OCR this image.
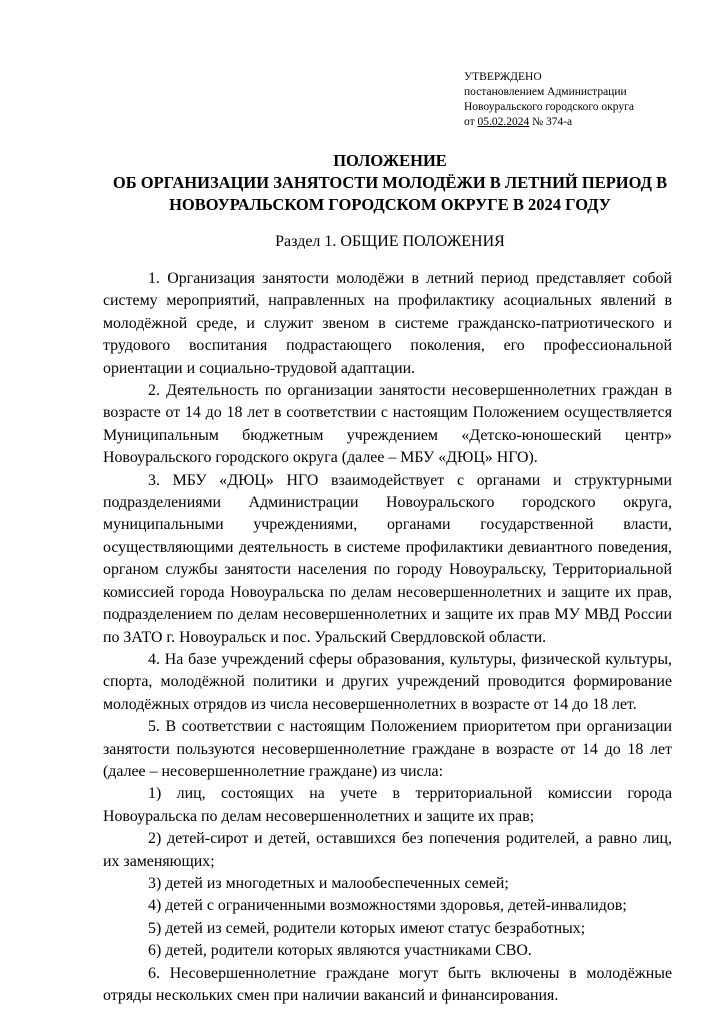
УТВЕРЖДЕНО
постановлением Администрации
Новоуральского городского округа
от 05.02.2024 № 374-а
ПОЛОЖЕНИЕ
ОБ ОРГАНИЗАЦИИ ЗАНЯТОСТИ МОЛОДЁЖИ В ЛЕТНИЙ ПЕРИОД В
НОВОУРАЛЬСКОМ ГОРОДСКОМ ОКРУГЕ В 2024 ГОДУ
Раздел 1. ОБЩИЕ ПОЛОЖЕНИЯ

1. Организация занятости молодёжи в летний период представляет собой систему мероприятий, направленных на профилактику асоциальных явлений в молодёжной среде, и служит звеном в системе гражданско-патриотического и трудового воспитания подрастающего поколения, его профессиональной ориентации и социально-трудовой адаптации.

2. Деятельность по организации занятости несовершеннолетних граждан в возрасте от 14 до 18 лет в соответствии с настоящим Положением осуществляется Муниципальным бюджетным учреждением «Детско-юношеский центр» Новоуральского городского округа (далее – МБУ «ДЮЦ» НГО).

3. МБУ «ДЮЦ» НГО взаимодействует с органами и структурными подразделениями Администрации Новоуральского городского округа, муниципальными учреждениями, органами государственной власти, осуществляющими деятельность в системе профилактики девиантного поведения, органом службы занятости населения по городу Новоуральску, Территориальной комиссией города Новоуральска по делам несовершеннолетних и защите их прав, подразделением по делам несовершеннолетних и защите их прав МУ МВД России по ЗАТО г. Новоуральск и пос. Уральский Свердловской области.

4. На базе учреждений сферы образования, культуры, физической культуры, спорта, молодёжной политики и других учреждений проводится формирование молодёжных отрядов из числа несовершеннолетних в возрасте от 14 до 18 лет.

5. В соответствии с настоящим Положением приоритетом при организации занятости пользуются несовершеннолетние граждане в возрасте от 14 до 18 лет (далее – несовершеннолетние граждане) из числа:

1) лиц, состоящих на учете в территориальной комиссии города Новоуральска по делам несовершеннолетних и защите их прав;

2) детей-сирот и детей, оставшихся без попечения родителей, а равно лиц, их заменяющих;

3) детей из многодетных и малообеспеченных семей;

4) детей с ограниченными возможностями здоровья, детей-инвалидов;

5) детей из семей, родители которых имеют статус безработных;

6) детей, родители которых являются участниками СВО.

6. Несовершеннолетние граждане могут быть включены в молодёжные отряды нескольких смен при наличии вакансий и финансирования.
